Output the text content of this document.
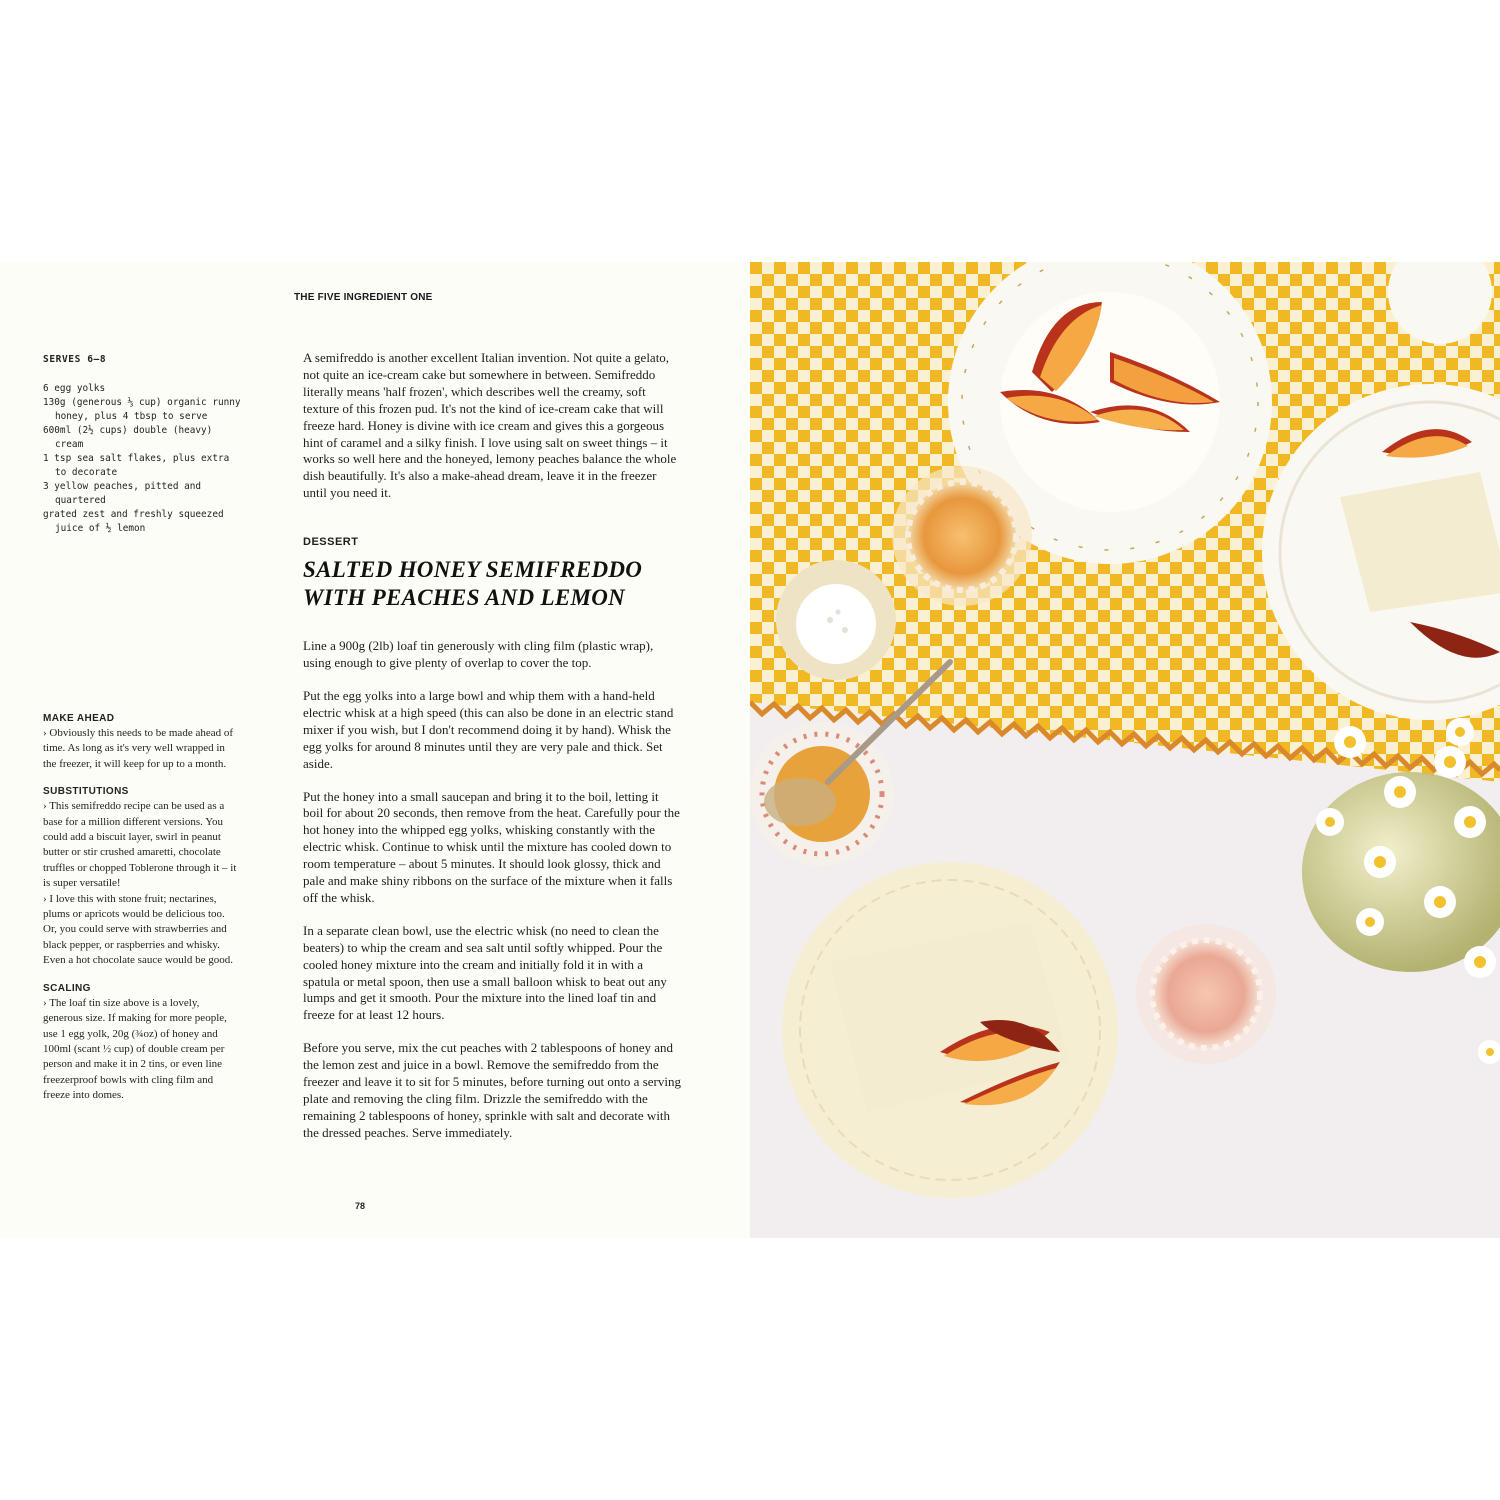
THE FIVE INGREDIENT ONE
SERVES 6–8
6 egg yolks
130g (generous ⅓ cup) organic runny honey, plus 4 tbsp to serve
600ml (2½ cups) double (heavy) cream
1 tsp sea salt flakes, plus extra to decorate
3 yellow peaches, pitted and quartered
grated zest and freshly squeezed juice of ½ lemon
MAKE AHEAD

› Obviously this needs to be made ahead of time. As long as it's very well wrapped in the freezer, it will keep for up to a month.

SUBSTITUTIONS

› This semifreddo recipe can be used as a base for a million different versions. You could add a biscuit layer, swirl in peanut butter or stir crushed amaretti, chocolate truffles or chopped Toblerone through it – it is super versatile!

› I love this with stone fruit; nectarines, plums or apricots would be delicious too. Or, you could serve with strawberries and black pepper, or raspberries and whisky. Even a hot chocolate sauce would be good.

SCALING

› The loaf tin size above is a lovely, generous size. If making for more people, use 1 egg yolk, 20g (¾oz) of honey and 100ml (scant ½ cup) of double cream per person and make it in 2 tins, or even line freezerproof bowls with cling film and freeze into domes.

A semifreddo is another excellent Italian invention. Not quite a gelato, not quite an ice-cream cake but somewhere in between. Semifreddo literally means 'half frozen', which describes well the creamy, soft texture of this frozen pud. It's not the kind of ice-cream cake that will freeze hard. Honey is divine with ice cream and gives this a gorgeous hint of caramel and a silky finish. I love using salt on sweet things – it works so well here and the honeyed, lemony peaches balance the whole dish beautifully. It's also a make-ahead dream, leave it in the freezer until you need it.

DESSERT
SALTED HONEY SEMIFREDDO
WITH PEACHES AND LEMON

Line a 900g (2lb) loaf tin generously with cling film (plastic wrap), using enough to give plenty of overlap to cover the top.

Put the egg yolks into a large bowl and whip them with a hand-held electric whisk at a high speed (this can also be done in an electric stand mixer if you wish, but I don't recommend doing it by hand). Whisk the egg yolks for around 8 minutes until they are very pale and thick. Set aside.

Put the honey into a small saucepan and bring it to the boil, letting it boil for about 20 seconds, then remove from the heat. Carefully pour the hot honey into the whipped egg yolks, whisking constantly with the electric whisk. Continue to whisk until the mixture has cooled down to room temperature – about 5 minutes. It should look glossy, thick and pale and make shiny ribbons on the surface of the mixture when it falls off the whisk.

In a separate clean bowl, use the electric whisk (no need to clean the beaters) to whip the cream and sea salt until softly whipped. Pour the cooled honey mixture into the cream and initially fold it in with a spatula or metal spoon, then use a small balloon whisk to beat out any lumps and get it smooth. Pour the mixture into the lined loaf tin and freeze for at least 12 hours.

Before you serve, mix the cut peaches with 2 tablespoons of honey and the lemon zest and juice in a bowl. Remove the semifreddo from the freezer and leave it to sit for 5 minutes, before turning out onto a serving plate and removing the cling film. Drizzle the semifreddo with the remaining 2 tablespoons of honey, sprinkle with salt and decorate with the dressed peaches. Serve immediately.

78
